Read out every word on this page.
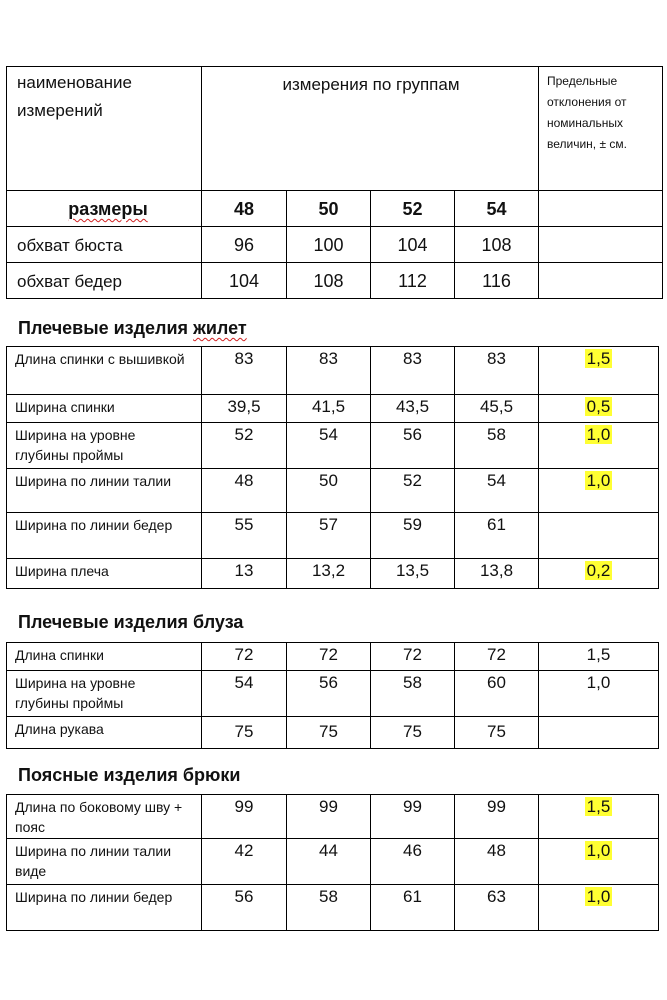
наименование измерений	измерения по группам				Предельные отклонения от номинальных величин, ± см.
размеры	48	50	52	54	
обхват бюста	96	100	104	108	
обхват бедер	104	108	112	116	
Плечевые изделия жилет
Длина спинки с вышивкой	83	83	83	83	1,5
Ширина спинки	39,5	41,5	43,5	45,5	0,5
Ширина на уровне глубины проймы	52	54	56	58	1,0
Ширина по линии талии	48	50	52	54	1,0
Ширина по линии бедер	55	57	59	61	
Ширина плеча	13	13,2	13,5	13,8	0,2
Плечевые изделия блуза
Длина спинки	72	72	72	72	1,5
Ширина на уровне глубины проймы	54	56	58	60	1,0
Длина рукава	75	75	75	75	
Поясные изделия брюки
Длина по боковому шву + пояс	99	99	99	99	1,5
Ширина по линии талии виде	42	44	46	48	1,0
Ширина по линии бедер	56	58	61	63	1,0
